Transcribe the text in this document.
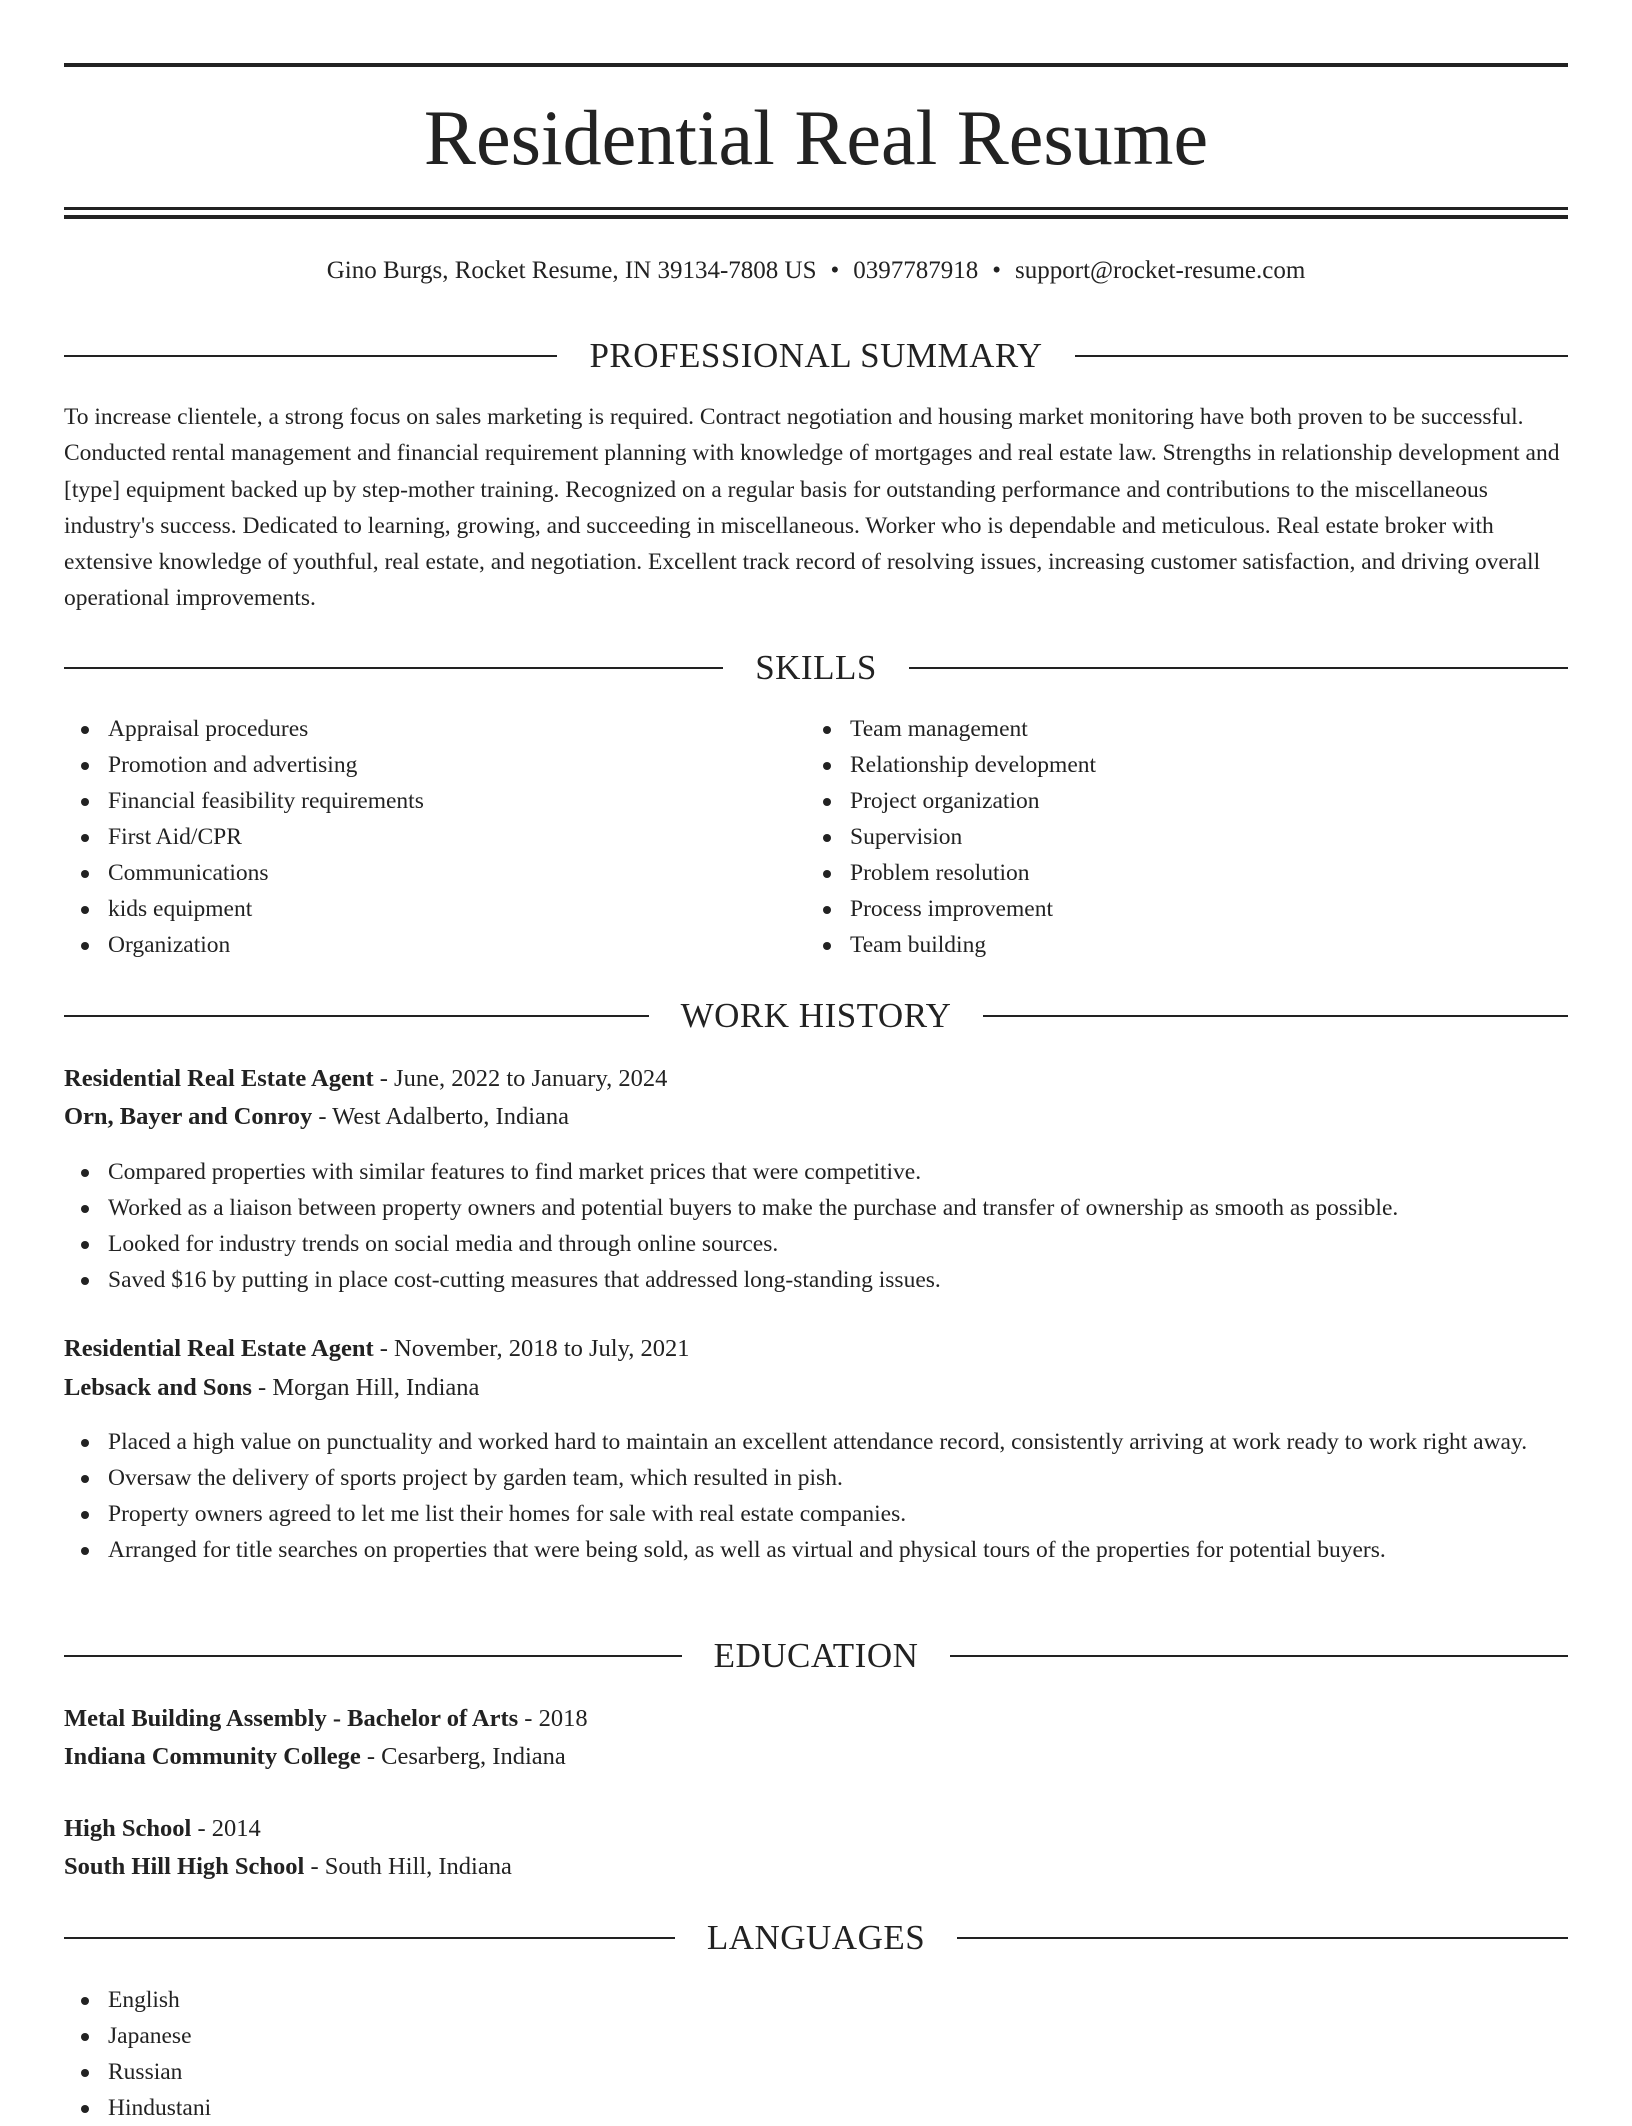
Residential Real Resume
Gino Burgs, Rocket Resume, IN 39134-7808 US • 0397787918 • support@rocket-resume.com
PROFESSIONAL SUMMARY

To increase clientele, a strong focus on sales marketing is required. Contract negotiation and housing market monitoring have both proven to be successful. Conducted rental management and financial requirement planning with knowledge of mortgages and real estate law. Strengths in relationship development and [type] equipment backed up by step-mother training. Recognized on a regular basis for outstanding performance and contributions to the miscellaneous industry's success. Dedicated to learning, growing, and succeeding in miscellaneous. Worker who is dependable and meticulous. Real estate broker with extensive knowledge of youthful, real estate, and negotiation. Excellent track record of resolving issues, increasing customer satisfaction, and driving overall operational improvements.

SKILLS
Appraisal procedures
Promotion and advertising
Financial feasibility requirements
First Aid/CPR
Communications
kids equipment
Organization
Team management
Relationship development
Project organization
Supervision
Problem resolution
Process improvement
Team building
WORK HISTORY
Residential Real Estate Agent - June, 2022 to January, 2024
Orn, Bayer and Conroy - West Adalberto, Indiana
Compared properties with similar features to find market prices that were competitive.
Worked as a liaison between property owners and potential buyers to make the purchase and transfer of ownership as smooth as possible.
Looked for industry trends on social media and through online sources.
Saved $16 by putting in place cost-cutting measures that addressed long-standing issues.
Residential Real Estate Agent - November, 2018 to July, 2021
Lebsack and Sons - Morgan Hill, Indiana
Placed a high value on punctuality and worked hard to maintain an excellent attendance record, consistently arriving at work ready to work right away.
Oversaw the delivery of sports project by garden team, which resulted in pish.
Property owners agreed to let me list their homes for sale with real estate companies.
Arranged for title searches on properties that were being sold, as well as virtual and physical tours of the properties for potential buyers.
EDUCATION
Metal Building Assembly - Bachelor of Arts - 2018
Indiana Community College - Cesarberg, Indiana
High School - 2014
South Hill High School - South Hill, Indiana
LANGUAGES
English
Japanese
Russian
Hindustani
